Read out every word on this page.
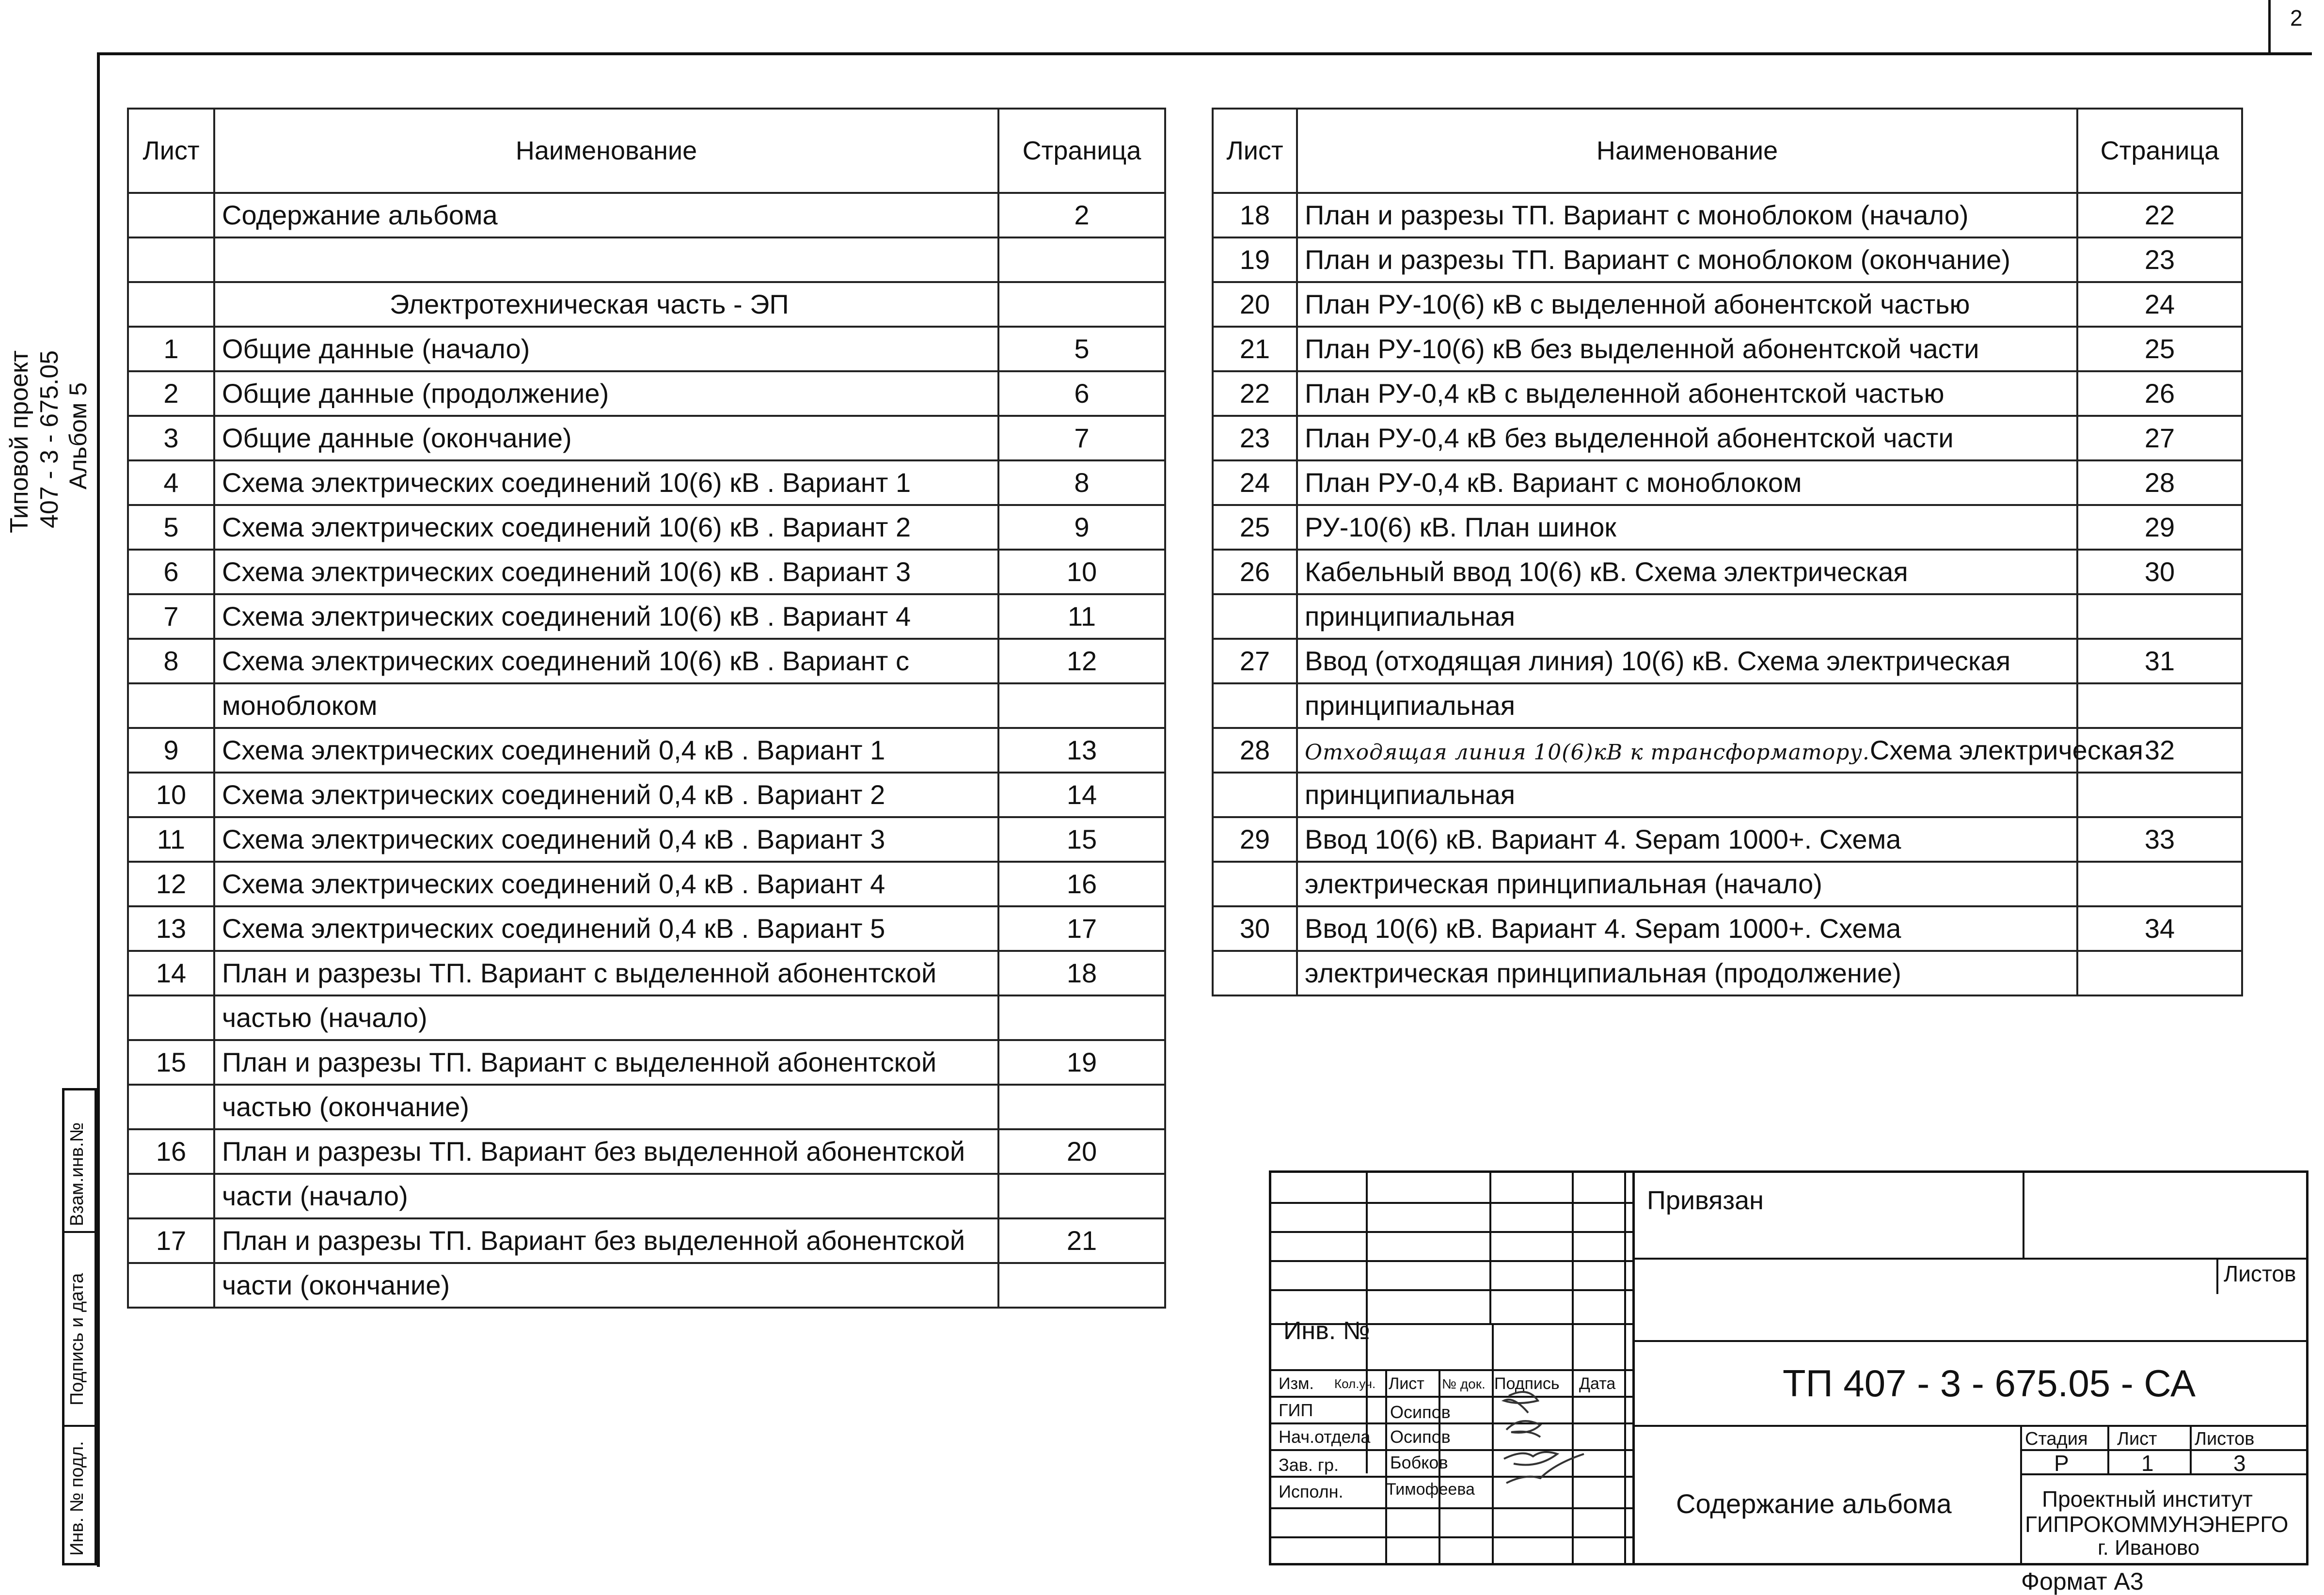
2
Типовой проект 407 - 3 - 675.05 Альбом 5
Взам.инв.№
Подпись и дата
Инв. № подл.
Лист	Наименование	Страница
	Содержание альбома	2

	Электротехническая часть - ЭП	
1	Общие данные (начало)	5
2	Общие данные (продолжение)	6
3	Общие данные (окончание)	7
4	Схема электрических соединений 10(6) кВ . Вариант 1	8
5	Схема электрических соединений 10(6) кВ . Вариант 2	9
6	Схема электрических соединений 10(6) кВ . Вариант 3	10
7	Схема электрических соединений 10(6) кВ . Вариант 4	11
8	Схема электрических соединений 10(6) кВ . Вариант с	12
	моноблоком	
9	Схема электрических соединений 0,4 кВ . Вариант 1	13
10	Схема электрических соединений 0,4 кВ . Вариант 2	14
11	Схема электрических соединений 0,4 кВ . Вариант 3	15
12	Схема электрических соединений 0,4 кВ . Вариант 4	16
13	Схема электрических соединений 0,4 кВ . Вариант 5	17
14	План и разрезы ТП. Вариант с выделенной абонентской	18
	частью (начало)	
15	План и разрезы ТП. Вариант с выделенной абонентской	19
	частью (окончание)	
16	План и разрезы ТП. Вариант без выделенной абонентской	20
	части (начало)	
17	План и разрезы ТП. Вариант без выделенной абонентской	21
	части (окончание)	
Лист	Наименование	Страница
18	План и разрезы ТП. Вариант с моноблоком (начало)	22
19	План и разрезы ТП. Вариант с моноблоком (окончание)	23
20	План РУ-10(6) кВ с выделенной абонентской частью	24
21	План РУ-10(6) кВ без выделенной абонентской части	25
22	План РУ-0,4 кВ с выделенной абонентской частью	26
23	План РУ-0,4 кВ без выделенной абонентской части	27
24	План РУ-0,4 кВ. Вариант с моноблоком	28
25	РУ-10(6) кВ. План шинок	29
26	Кабельный ввод 10(6) кВ. Схема электрическая	30
	принципиальная	
27	Ввод (отходящая линия) 10(6) кВ. Схема электрическая	31
	принципиальная	
28	Отходящая линия 10(6)кВ к трансформатору.Схема электрическая	32
	принципиальная	
29	Ввод 10(6) кВ. Вариант 4. Sepam 1000+. Схема	33
	электрическая принципиальная (начало)	
30	Ввод 10(6) кВ. Вариант 4. Sepam 1000+. Схема	34
	электрическая принципиальная (продолжение)	
Привязан
Листов
Инв. №
Изм. Кол.уч. Лист № док. Подпись Дата
ГИП	Осипов
Нач.отдела Осипов
Зав. гр.	Бобков
Исполн.	Тимофеева
ТП 407 - 3 - 675.05 - СА
Содержание альбома
Стадия Лист Листов
Р	1	3
Проектный институт
ГИПРОКОММУНЭНЕРГО
г. Иваново
Формат А3
